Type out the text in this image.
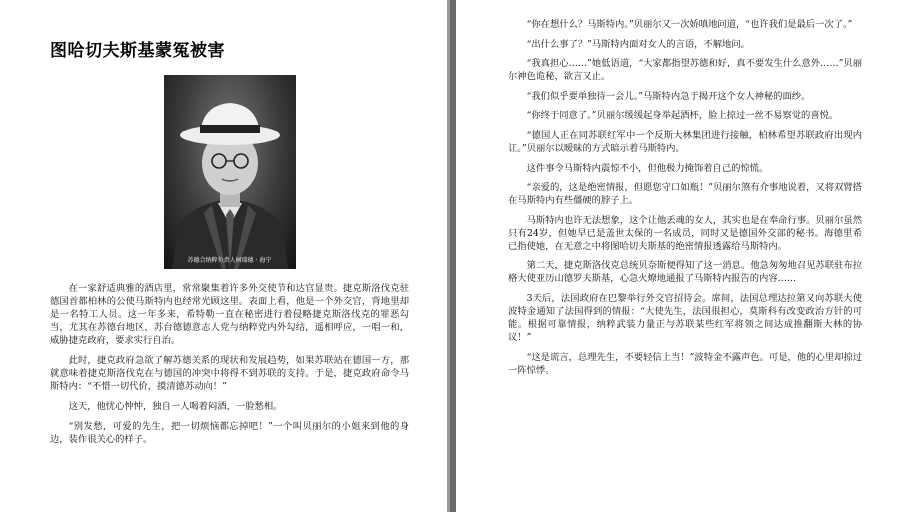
图哈切夫斯基蒙冤被害
苏德合纳粹负责人柯瑞德 · 海宁

在一家舒适典雅的酒店里，常常聚集着许多外交使节和达官显贵。捷克斯洛伐克驻德国首都柏林的公使马斯特内也经常光顾这里。表面上看，他是一个外交官，背地里却是一名特工人员。这一年多来，希特勒一直在秘密进行着侵略捷克斯洛伐克的罪恶勾当，尤其在苏德台地区，苏台德德意志人党与纳粹党内外勾结，遥相呼应，一唱一和，威胁捷克政府，要求实行自治。

此时，捷克政府急欲了解苏德关系的现状和发展趋势，如果苏联站在德国一方，那就意味着捷克斯洛伐克在与德国的冲突中将得不到苏联的支持。于是，捷克政府命令马斯特内：“不惜一切代价，摸清德苏动向！”

这天，他忧心忡忡，独自一人喝着闷酒，一脸愁相。

“别发愁，可爱的先生，把一切烦恼都忘掉吧！”一个叫贝丽尔的小姐来到他的身边，装作很关心的样子。

“你在想什么？马斯特内。”贝丽尔又一次娇嗔地问道，“也许我们是最后一次了。”

“出什么事了？”马斯特内面对女人的言语，不解地问。

“我真担心……”她低语道，“大家都指望苏德和好，真不要发生什么意外……”贝丽尔神色诡秘，欲言又止。

“我们似乎要单独待一会儿。”马斯特内急于揭开这个女人神秘的面纱。

“你终于同意了。”贝丽尔缓缓起身举起酒杯，脸上掠过一丝不易察觉的喜悦。

“德国人正在同苏联红军中一个反斯大林集团进行接触，柏林希望苏联政府出现内讧。”贝丽尔以暧昧的方式暗示着马斯特内。

这件事令马斯特内震惊不小，但他极力掩饰着自己的惊慌。

“亲爱的，这是绝密情报，但愿您守口如瓶！”贝丽尔煞有介事地说着，又将双臂搭在马斯特内有些僵硬的脖子上。

马斯特内也许无法想象，这个让他丢魂的女人，其实也是在奉命行事。贝丽尔虽然只有24岁，但她早已是盖世太保的一名成员，同时又是德国外交部的秘书。海德里希已指使她，在无意之中将图哈切夫斯基的绝密情报透露给马斯特内。

第二天，捷克斯洛伐克总统贝奈斯便得知了这一消息。他急匆匆地召见苏联驻布拉格大使亚历山德罗夫斯基，心急火燎地通报了马斯特内报告的内容……

3天后，法国政府在巴黎举行外交官招待会。席间，法国总理达拉第又向苏联大使波特金通知了法国得到的情报：“大使先生，法国很担心，莫斯科有改变政治方针的可能。根据可靠情报，纳粹武装力量正与苏联某些红军将领之间达成推翻斯大林的协议！”

“这是谎言，总理先生，不要轻信上当！”波特金不露声色。可是，他的心里却掠过一阵惊悸。
